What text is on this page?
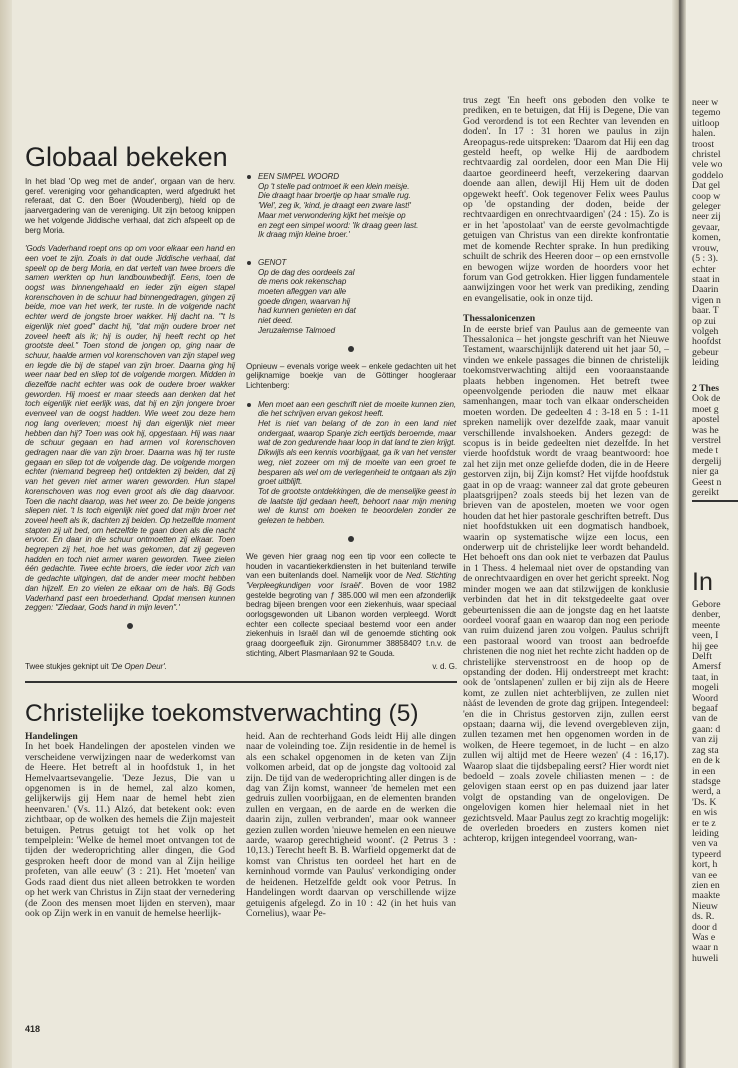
Globaal bekeken

In het blad 'Op weg met de ander', orgaan van de herv. geref. vereniging voor gehandicapten, werd afgedrukt het referaat, dat C. den Boer (Woudenberg), hield op de jaarvergadering van de vereniging. Uit zijn betoog knippen we het volgende Jiddische verhaal, dat zich afspeelt op de berg Moria.

'Gods Vaderhand roept ons op om voor elkaar een hand en een voet te zijn. Zoals in dat oude Jiddische verhaal, dat speelt op de berg Moria, en dat vertelt van twee broers die samen werkten op hun landbouwbedrijf. Eens, toen de oogst was binnengehaald en ieder zijn eigen stapel korenschoven in de schuur had binnengedragen, gingen zij beide, moe van het werk, ter ruste. In de volgende nacht echter werd de jongste broer wakker. Hij dacht na. "'t Is eigenlijk niet goed" dacht hij, "dat mijn oudere broer net zoveel heeft als ik; hij is ouder, hij heeft recht op het grootste deel." Toen stond de jongen op, ging naar de schuur, haalde armen vol korenschoven van zijn stapel weg en legde die bij de stapel van zijn broer. Daarna ging hij weer naar bed en sliep tot de volgende morgen. Midden in diezelfde nacht echter was ook de oudere broer wakker geworden. Hij moest er maar steeds aan denken dat het toch eigenlijk niet eerlijk was, dat hij en zijn jongere broer evenveel van de oogst hadden. Wie weet zou deze hem nog lang overleven; moest hij dan eigenlijk niet meer hebben dan hij? Toen was ook hij, opgestaan. Hij was naar de schuur gegaan en had armen vol korenschoven gedragen naar die van zijn broer. Daarna was hij ter ruste gegaan en sliep tot de volgende dag. De volgende morgen echter (niemand begreep het) ontdekten zij beiden, dat zij van het geven niet armer waren geworden. Hun stapel korenschoven was nog even groot als die dag daarvoor. Toen die nacht daarop, was het weer zo. De beide jongens sliepen niet. 't Is toch eigenlijk niet goed dat mijn broer net zoveel heeft als ik, dachten zij beiden. Op hetzelfde moment stapten zij uit bed, om hetzelfde te gaan doen als die nacht ervoor. En daar in die schuur ontmoetten zij elkaar. Toen begrepen zij het, hoe het was gekomen, dat zij gegeven hadden en toch niet armer waren geworden. Twee zielen één gedachte. Twee echte broers, die ieder voor zich van de gedachte uitgingen, dat de ander meer mocht hebben dan hijzelf. En zo vielen ze elkaar om de hals. Bij Gods Vaderhand past een broederhand. Opdat mensen kunnen zeggen: "Ziedaar, Gods hand in mijn leven".'

EEN SIMPEL WOORD
Op 't stelle pad ontmoet ik een klein meisje.
Die draagt haar broertje op haar smalle rug.
'Wel', zeg ik, 'kind, je draagt een zware last!'
Maar met verwondering kijkt het meisje op
en zegt een simpel woord: 'Ik draag geen last.
Ik draag mijn kleine broer.'
GENOT
Op de dag des oordeels zal
de mens ook rekenschap
moeten afleggen van alle
goede dingen, waarvan hij
had kunnen genieten en dat
niet deed.
Jeruzalemse Talmoed

Opnieuw – evenals vorige week – enkele gedachten uit het gelijknamige boekje van de Göttinger hoogleraar Lichtenberg:

Men moet aan een geschrift niet de moeite kunnen zien, die het schrijven ervan gekost heeft.

Het is niet van belang of de zon in een land niet ondergaat, waarop Spanje zich eertijds beroemde, maar wat de zon gedurende haar loop in dat land te zien krijgt.

Dikwijls als een kennis voorbijgaat, ga ik van het venster weg, niet zozeer om mij de moeite van een groet te besparen als wel om de verlegenheid te ontgaan als zijn groet uitblijft.

Tot de grootste ontdekkingen, die de menselijke geest in de laatste tijd gedaan heeft, behoort naar mijn mening wel de kunst om boeken te beoordelen zonder ze gelezen te hebben.

We geven hier graag nog een tip voor een collecte te houden in vacantiekerkdiensten in het buitenland terwille van een buitenlands doel. Namelijk voor de Ned. Stichting 'Verpleegkundigen voor Israël'. Boven de voor 1982 gestelde begroting van ƒ 385.000 wil men een afzonderlijk bedrag bijeen brengen voor een ziekenhuis, waar speciaal oorlogsgewonden uit Libanon worden verpleegd. Wordt echter een collecte speciaal bestemd voor een ander ziekenhuis in Israël dan wil de genoemde stichting ook graag doorgeefluik zijn. Gironummer 3885840? t.n.v. de stichting, Albert Plasmanlaan 92 te Gouda.

Twee stukjes geknipt uit 'De Open Deur'.	v. d. G.
Christelijke toekomstverwachting (5)
Handelingen

In het boek Handelingen der apostelen vinden we verscheidene verwijzingen naar de wederkomst van de Heere. Het betreft al in hoofdstuk 1, in het Hemelvaartsevangelie. 'Deze Jezus, Die van u opgenomen is in de hemel, zal alzo komen, gelijkerwijs gij Hem naar de hemel hebt zien heenvaren.' (Vs. 11.) Alzó, dat betekent ook: even zichtbaar, op de wolken des hemels die Zijn majesteit betuigen. Petrus getuigt tot het volk op het tempelplein: 'Welke de hemel moet ontvangen tot de tijden der wederoprichting aller dingen, die God gesproken heeft door de mond van al Zijn heilige profeten, van alle eeuw' (3 : 21). Het 'moeten' van Gods raad dient dus niet alleen betrokken te worden op het werk van Christus in Zijn staat der vernedering (de Zoon des mensen moet lijden en sterven), maar ook op Zijn werk in en vanuit de hemelse heerlijk-

heid. Aan de rechterhand Gods leidt Hij alle dingen naar de voleinding toe. Zijn residentie in de hemel is als een schakel opgenomen in de keten van Zijn volkomen arbeid, dat op de jongste dag voltooid zal zijn. De tijd van de wederoprichting aller dingen is de dag van Zijn komst, wanneer 'de hemelen met een gedruis zullen voorbijgaan, en de elementen branden zullen en vergaan, en de aarde en de werken die daarin zijn, zullen verbranden', maar ook wanneer gezien zullen worden 'nieuwe hemelen en een nieuwe aarde, waarop gerechtigheid woont'. (2 Petrus 3 : 10,13.) Terecht heeft B. B. Warfield opgemerkt dat de komst van Christus ten oordeel het hart en de kerninhoud vormde van Paulus' verkondiging onder de heidenen. Hetzelfde geldt ook voor Petrus. In Handelingen wordt daarvan op verschillende wijze getuigenis afgelegd. Zo in 10 : 42 (in het huis van Cornelius), waar Pe-

trus zegt 'En heeft ons geboden den volke te prediken, en te betuigen, dat Hij is Degene, Die van God verordend is tot een Rechter van levenden en doden'. In 17 : 31 horen we paulus in zijn Areopagus-rede uitspreken: 'Daarom dat Hij een dag gesteld heeft, op welke Hij de aardbodem rechtvaardig zal oordelen, door een Man Die Hij daartoe geordineerd heeft, verzekering daarvan doende aan allen, dewijl Hij Hem uit de doden opgewekt heeft'. Ook tegenover Felix wees Paulus op 'de opstanding der doden, beide der rechtvaardigen en onrechtvaardigen' (24 : 15). Zo is er in het 'apostolaat' van de eerste gevolmachtigde getuigen van Christus van een direkte konfrontatie met de komende Rechter sprake. In hun prediking schuilt de schrik des Heeren door – op een ernstvolle en bewogen wijze worden de hoorders voor het forum van God getrokken. Hier liggen fundamentele aanwijzingen voor het werk van prediking, zending en evangelisatie, ook in onze tijd.

Thessalonicenzen

In de eerste brief van Paulus aan de gemeente van Thessalonica – het jongste geschrift van het Nieuwe Testament, waarschijnlijk daterend uit het jaar 50, – vinden we enkele passages die binnen de christelijk toekomstverwachting altijd een vooraanstaande plaats hebben ingenomen. Het betreft twee opeenvolgende perioden die nauw met elkaar samenhangen, maar toch van elkaar onderscheiden moeten worden. De gedeelten 4 : 3-18 en 5 : 1-11 spreken namelijk over dezelfde zaak, maar vanuit verschillende invalshoeken. Anders gezegd: de scopus is in beide gedeelten niet dezelfde. In het vierde hoofdstuk wordt de vraag beantwoord: hoe zal het zijn met onze geliefde doden, die in de Heere gestorven zijn, bij Zijn komst? Het vijfde hoofdstuk gaat in op de vraag: wanneer zal dat grote gebeuren plaatsgrijpen? zoals steeds bij het lezen van de brieven van de apostelen, moeten we voor ogen houden dat het hier pastorale geschriften betreft. Dus niet hoofdstukken uit een dogmatisch handboek, waarin op systematische wijze een locus, een onderwerp uit de christelijke leer wordt behandeld. Het behoeft ons dan ook niet te verbazen dat Paulus in 1 Thess. 4 helemaal niet over de opstanding van de onrechtvaardigen en over het gericht spreekt. Nog minder mogen we aan dat stilzwijgen de konklusie verbinden dat het in dit tekstgedeelte gaat over gebeurtenissen die aan de jongste dag en het laatste oordeel vooraf gaan en waarop dan nog een periode van ruim duizend jaren zou volgen. Paulus schrijft een pastoraal woord van troost aan bedroefde christenen die nog niet het rechte zicht hadden op de christelijke stervenstroost en de hoop op de opstanding der doden. Hij onderstreept met kracht: ook de 'ontslapenen' zullen er bij zijn als de Heere komt, ze zullen niet achterblijven, ze zullen niet nàást de levenden de grote dag grijpen. Integendeel: 'en die in Christus gestorven zijn, zullen eerst opstaan; daarna wij, die levend overgebleven zijn, zullen tezamen met hen opgenomen worden in de wolken, de Heere tegemoet, in de lucht – en alzo zullen wij altijd met de Heere wezen' (4 : 16,17). Waarop slaat die tijdsbepaling eerst? Hier wordt niet bedoeld – zoals zovele chiliasten menen – : de gelovigen staan eerst op en pas duizend jaar later volgt de opstanding van de ongelovigen. De ongelovigen komen hier helemaal niet in het gezichtsveld. Maar Paulus zegt zo krachtig mogelijk: de overleden broeders en zusters komen niet achterop, krijgen integendeel voorrang, wan-

418
neer w
tegemo
uitloop
halen.
troost
christel
vele wo
goddelo
Dat gel
coop w
geleger
neer zij
gevaar,
komen,
vrouw,
(5 : 3).
echter
staat in
Daarin
vigen n
baar. T
op zui
volgeh
hoofdst
gebeur
leiding
2 Thes
Ook de
moet g
apostel
was he
verstrel
mede t
dergelij
nier ga
Geest n
gereikt
In
Gebore
denber,
meente
veen, I
hij gee
Delft
Amersf
taat, in
mogeli
Woord
begaaf
van de
gaan: d
van zij
zag sta
en de k
in een
stadsge
werd, a
'Ds. K
en wis
er te z
leiding
ven va
typeerd
kort, h
van ee
zien en
maakte
Nieuw
ds. R.
door d
Was e
waar n
huweli
